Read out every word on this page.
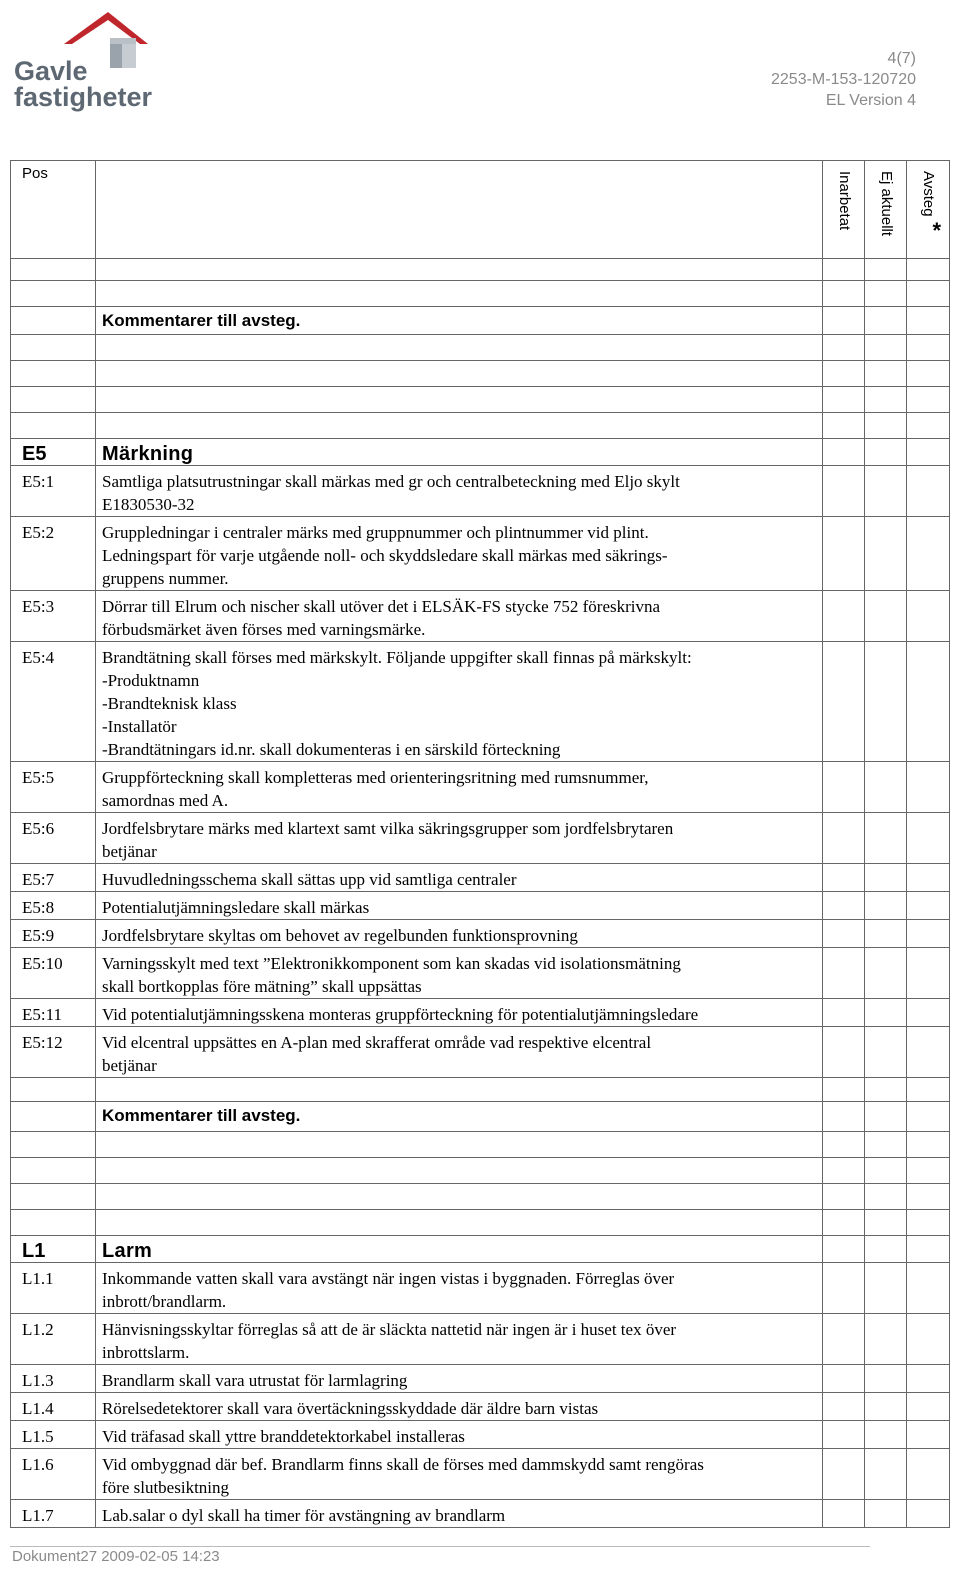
Gavle
fastigheter
4(7)
2253-M-153-120720
EL Version 4
Pos		Inarbetat	Ej aktuellt	Avsteg
*

	Kommentarer till avsteg.			

E5	Märkning			
E5:1	Samtliga platsutrustningar skall märkas med gr och centralbeteckning med Eljo skylt
E1830530-32			

E5:2	Gruppledningar i centraler märks med gruppnummer och plintnummer vid plint.
Ledningspart för varje utgående noll- och skyddsledare skall märkas med säkrings-
gruppens nummer.			

E5:3	Dörrar till Elrum och nischer skall utöver det i ELSÄK-FS stycke 752 föreskrivna
förbudsmärket även förses med varningsmärke.			

E5:4	Brandtätning skall förses med märkskylt. Följande uppgifter skall finnas på märkskylt:
-Produktnamn
-Brandteknisk klass
-Installatör
-Brandtätningars id.nr. skall dokumenteras i en särskild förteckning			

E5:5	Gruppförteckning skall kompletteras med orienteringsritning med rumsnummer,
samordnas med A.			

E5:6	Jordfelsbrytare märks med klartext samt vilka säkringsgrupper som jordfelsbrytaren
betjänar			

E5:7	Huvudledningsschema skall sättas upp vid samtliga centraler			

E5:8	Potentialutjämningsledare skall märkas			

E5:9	Jordfelsbrytare skyltas om behovet av regelbunden funktionsprovning			

E5:10	Varningsskylt med text ”Elektronikkomponent som kan skadas vid isolationsmätning
skall bortkopplas före mätning” skall uppsättas			

E5:11	Vid potentialutjämningsskena monteras gruppförteckning för potentialutjämningsledare			

E5:12	Vid elcentral uppsättes en A-plan med skrafferat område vad respektive elcentral
betjänar			

	Kommentarer till avsteg.			

L1	Larm			
L1.1	Inkommande vatten skall vara avstängt när ingen vistas i byggnaden. Förreglas över
inbrott/brandlarm.			

L1.2	Hänvisningsskyltar förreglas så att de är släckta nattetid när ingen är i huset tex över
inbrottslarm.			

L1.3	Brandlarm skall vara utrustat för larmlagring			

L1.4	Rörelsedetektorer skall vara övertäckningsskyddade där äldre barn vistas			

L1.5	Vid träfasad skall yttre branddetektorkabel installeras			

L1.6	Vid ombyggnad där bef. Brandlarm finns skall de förses med dammskydd samt rengöras
före slutbesiktning			

L1.7	Lab.salar o dyl skall ha timer för avstängning av brandlarm			

Dokument27 2009-02-05 14:23
